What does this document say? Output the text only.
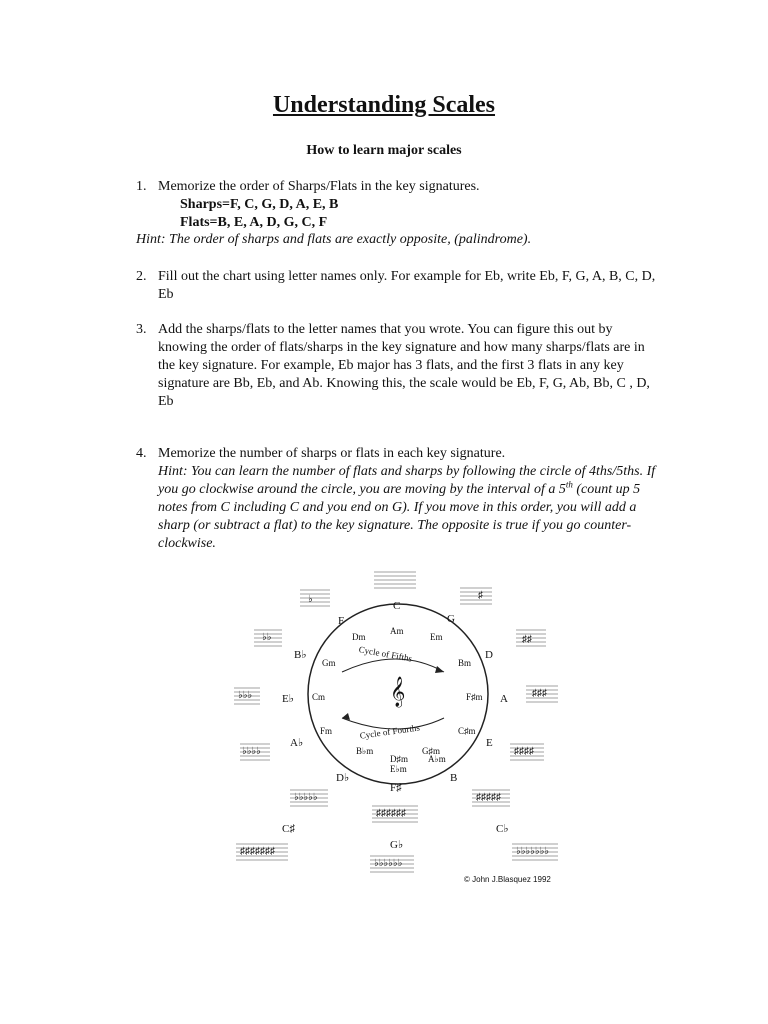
Understanding Scales

How to learn major scales

1. Memorize the order of Sharps/Flats in the key signatures.
Sharps=F, C, G, D, A, E, B
Flats=B, E, A, D, G, C, F
Hint: The order of sharps and flats are exactly opposite, (palindrome).
2. Fill out the chart using letter names only. For example for Eb, write Eb, F, G, A, B, C, D, Eb
3. Add the sharps/flats to the letter names that you wrote. You can figure this out by knowing the order of flats/sharps in the key signature and how many sharps/flats are in the key signature. For example, Eb major has 3 flats, and the first 3 flats in any key signature are Bb, Eb, and Ab. Knowing this, the scale would be Eb, F, G, Ab, Bb, C , D, Eb
4. Memorize the number of sharps or flats in each key signature.
Hint: You can learn the number of flats and sharps by following the circle of 4ths/5ths. If you go clockwise around the circle, you are moving by the interval of a 5th (count up 5 notes from C including C and you end on G). If you move in this order, you will add a sharp (or subtract a flat) to the key signature. The opposite is true if you go counter-clockwise.
𝄞
Cycle of Fifths
Cycle of Fourths
C
G
D
A
E
B
F♯
D♭
A♭
E♭
B♭
F
Am
Em
Bm
F♯m
C♯m
G♯m
A♭m
B♭m
D♯m
E♭m
Cm
Gm
Dm
Fm
C♯	C♭
G♭
♭	♯
♭♭	♯♯
♭♭♭	♯♯♯
♭♭♭♭	♯♯♯♯
♭♭♭♭♭	♯♯♯♯♯
♯♯♯♯♯♯
♯♯♯♯♯♯♯	♭♭♭♭♭♭♭
♭♭♭♭♭♭
© John J.Blasquez 1992
